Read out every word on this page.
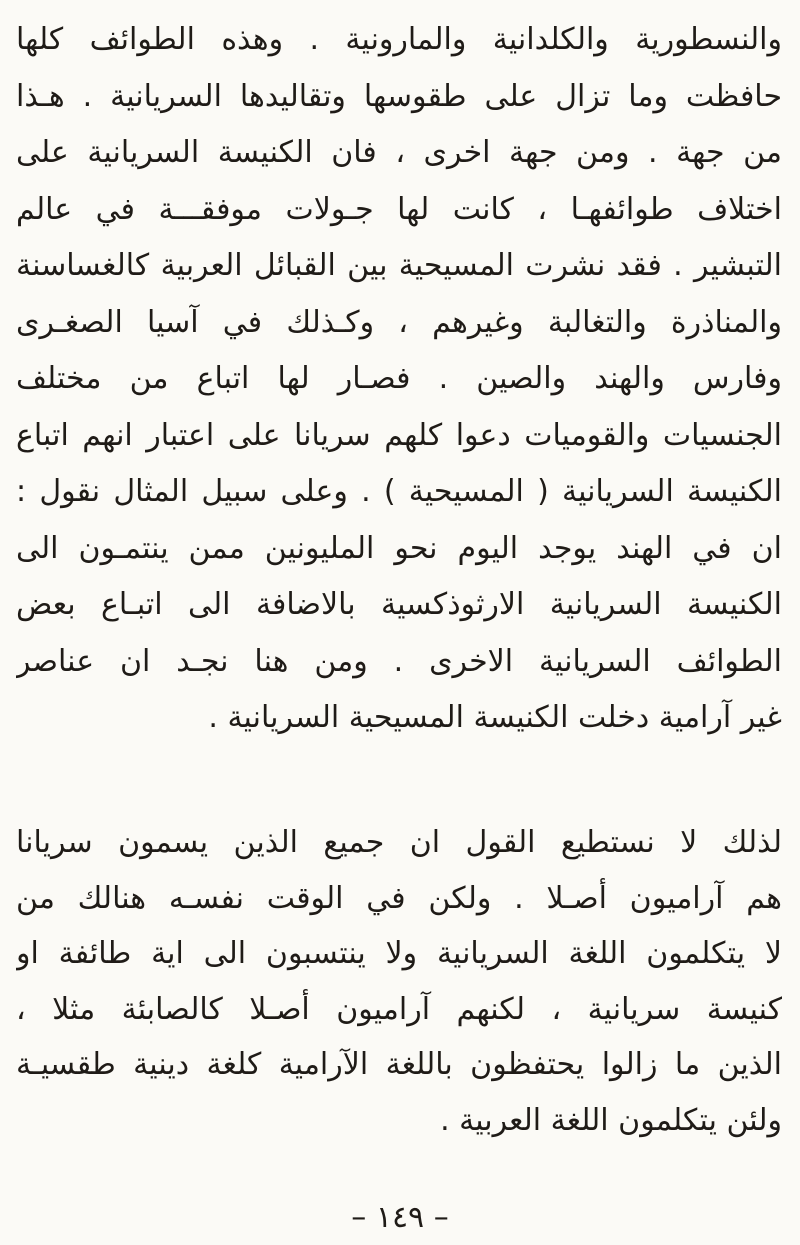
والنسطورية والكلدانية والمارونية . وهذه الطوائف كلها
حافظت وما تزال على طقوسها وتقاليدها السريانية . هـذا
من جهة . ومن جهة اخرى ، فان الكنيسة السريانية على
اختلاف طوائفهـا ، كانت لها جـولات موفقـــة في عالم
التبشير . فقد نشرت المسيحية بين القبائل العربية كالغساسنة
والمناذرة والتغالبة وغيرهم ، وكـذلك في آسيا الصغـرى
وفارس والهند والصين . فصـار لها اتباع من مختلف
الجنسيات والقوميات دعوا كلهم سريانا على اعتبار انهم اتباع
الكنيسة السريانية ( المسيحية ) . وعلى سبيل المثال نقول :
ان في الهند يوجد اليوم نحو المليونين ممن ينتمـون الى
الكنيسة السريانية الارثوذكسية بالاضافة الى اتبـاع بعض
الطوائف السريانية الاخرى . ومن هنا نجـد ان عناصر
غير آرامية دخلت الكنيسة المسيحية السريانية .
لذلك لا نستطيع القول ان جميع الذين يسمون سريانا
هم آراميون أصـلا . ولكن في الوقت نفسـه هنالك من
لا يتكلمون اللغة السريانية ولا ينتسبون الى اية طائفة او
كنيسة سريانية ، لكنهم آراميون أصـلا كالصابئة مثلا ،
الذين ما زالوا يحتفظون باللغة الآرامية كلغة دينية طقسيـة
ولئن يتكلمون اللغة العربية .
– ١٤٩ –
